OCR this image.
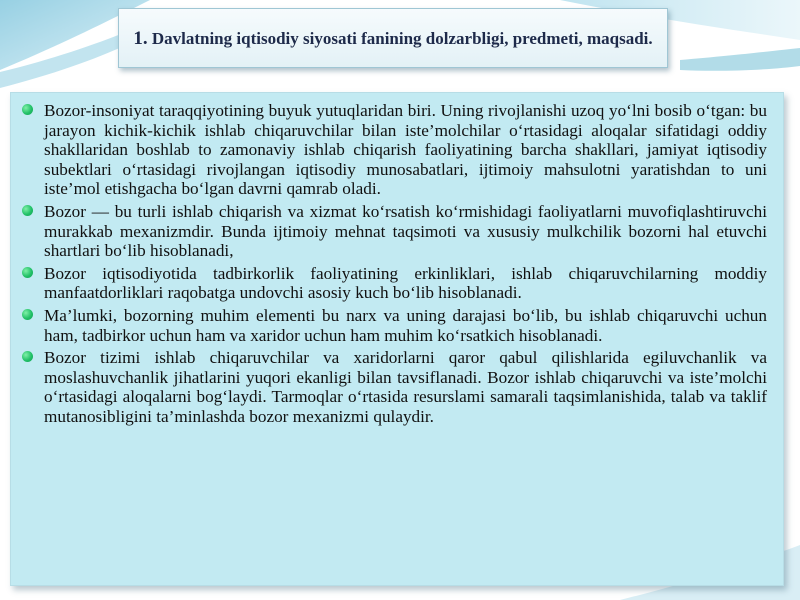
1. Davlatning iqtisodiy siyosati fanining dolzarbligi, predmeti, maqsadi.
Bozor-insoniyat taraqqiyotining buyuk yutuqlaridan biri. Uning rivojlanishi uzoq yo‘lni bosib o‘tgan: bu jarayon kichik-kichik ishlab chiqaruvchilar bilan iste’molchilar o‘rtasidagi aloqalar sifatidagi oddiy shakllaridan boshlab to zamonaviy ishlab chiqarish faoliyatining barcha shakllari, jamiyat iqtisodiy subektlari o‘rtasidagi rivojlangan iqtisodiy munosabatlari, ijtimoiy mahsulotni yaratishdan to uni iste’mol etishgacha bo‘lgan davrni qamrab oladi.
Bozor — bu turli ishlab chiqarish va xizmat ko‘rsatish ko‘rmishidagi faoliyatlarni muvofiqlashtiruvchi murakkab mexanizmdir. Bunda ijtimoiy mehnat taqsimoti va xususiy mulkchilik bozorni hal etuvchi shartlari bo‘lib hisoblanadi,
Bozor iqtisodiyotida tadbirkorlik faoliyatining erkinliklari, ishlab chiqaruvchilarning moddiy manfaatdorliklari raqobatga undovchi asosiy kuch bo‘lib hisoblanadi.
Ma’lumki, bozorning muhim elementi bu narx va uning darajasi bo‘lib, bu ishlab chiqaruvchi uchun ham, tadbirkor uchun ham va xaridor uchun ham muhim ko‘rsatkich hisoblanadi.
Bozor tizimi ishlab chiqaruvchilar va xaridorlarni qaror qabul qilishlarida egiluvchanlik va moslashuvchanlik jihatlarini yuqori ekanligi bilan tavsiflanadi. Bozor ishlab chiqaruvchi va iste’molchi o‘rtasidagi aloqalarni bog‘laydi. Tarmoqlar o‘rtasida resurslami samarali taqsimlanishida, talab va taklif mutanosibligini ta’minlashda bozor mexanizmi qulaydir.
